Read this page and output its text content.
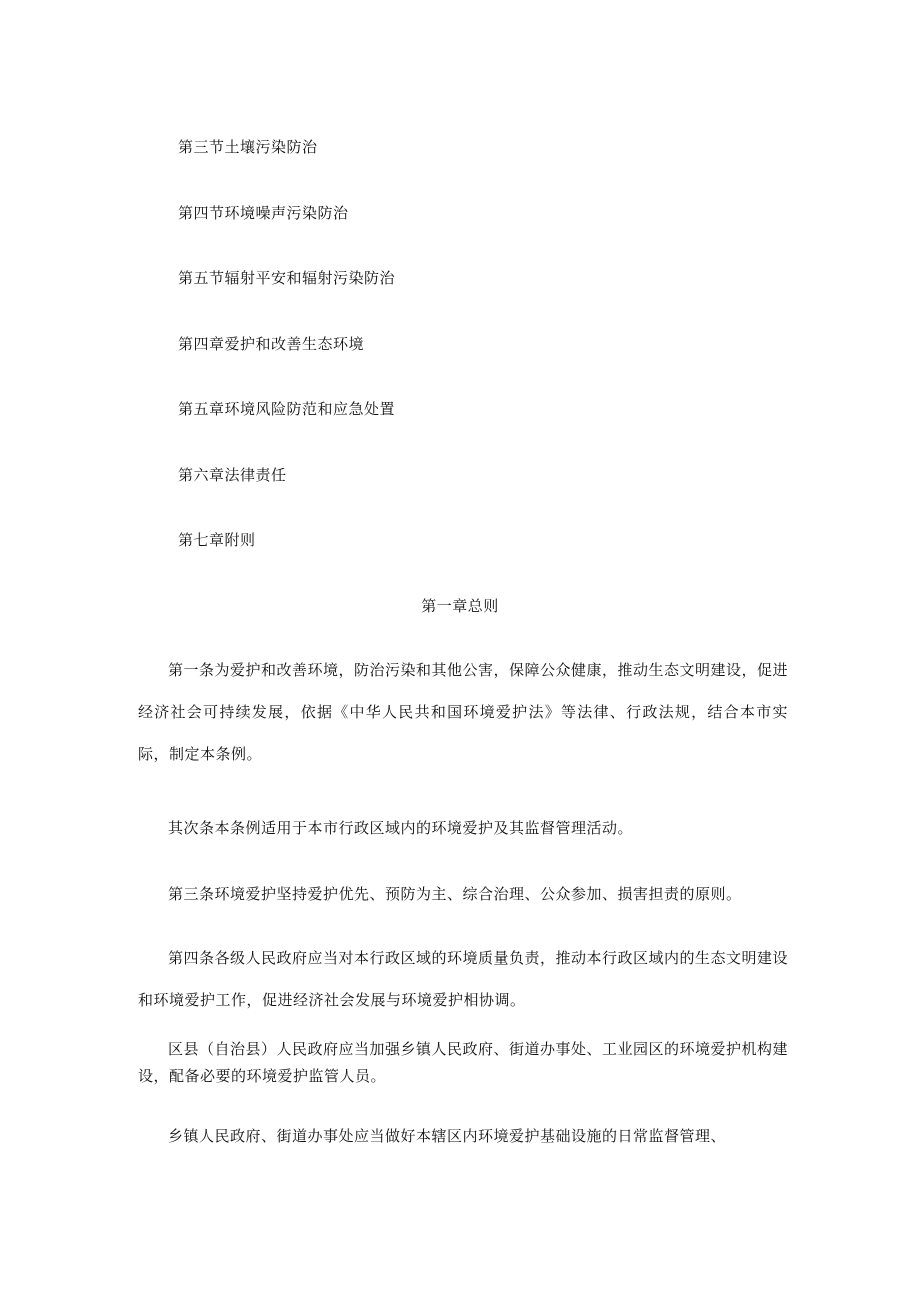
第三节土壤污染防治
第四节环境噪声污染防治
第五节辐射平安和辐射污染防治
第四章爱护和改善生态环境
第五章环境风险防范和应急处置
第六章法律责任
第七章附则
第一章总则
第一条为爱护和改善环境，防治污染和其他公害，保障公众健康，推动生态文明建设，促进经济社会可持续发展，依据《中华人民共和国环境爱护法》等法律、行政法规，结合本市实际，制定本条例。
其次条本条例适用于本市行政区域内的环境爱护及其监督管理活动。
第三条环境爱护坚持爱护优先、预防为主、综合治理、公众参加、损害担责的原则。
第四条各级人民政府应当对本行政区域的环境质量负责，推动本行政区域内的生态文明建设和环境爱护工作，促进经济社会发展与环境爱护相协调。
区县（自治县）人民政府应当加强乡镇人民政府、街道办事处、工业园区的环境爱护机构建设，配备必要的环境爱护监管人员。
乡镇人民政府、街道办事处应当做好本辖区内环境爱护基础设施的日常监督管理、
